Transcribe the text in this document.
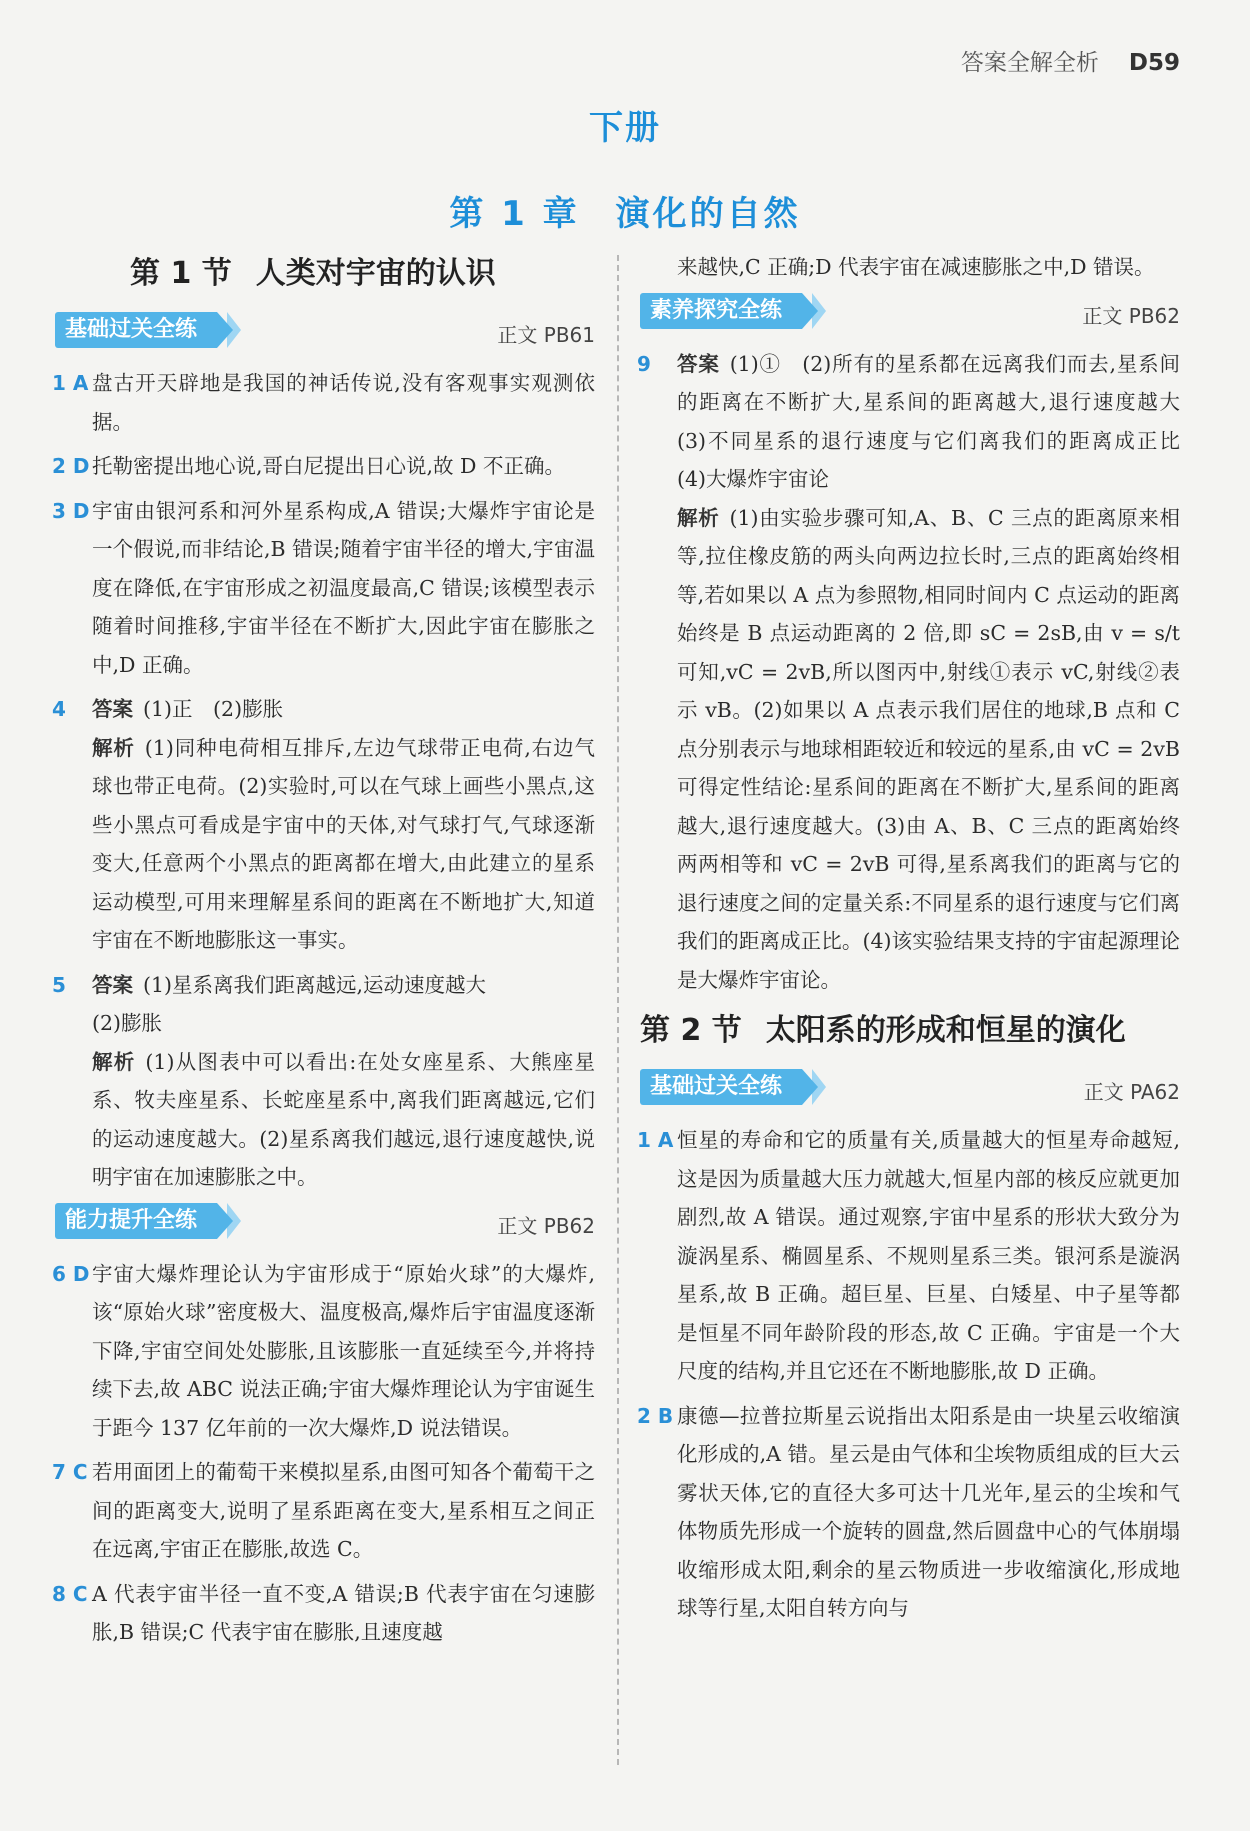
答案全解全析 D59
下册
第 1 章 演化的自然
第 1 节 人类对宇宙的认识
基础过关全练	正文 PB61
1 A 盘古开天辟地是我国的神话传说,没有客观事实观测依据。
2 D 托勒密提出地心说,哥白尼提出日心说,故 D 不正确。
3 D 宇宙由银河系和河外星系构成,A 错误;大爆炸宇宙论是一个假说,而非结论,B 错误;随着宇宙半径的增大,宇宙温度在降低,在宇宙形成之初温度最高,C 错误;该模型表示随着时间推移,宇宙半径在不断扩大,因此宇宙在膨胀之中,D 正确。
4 答案 (1)正　(2)膨胀

解析 (1)同种电荷相互排斥,左边气球带正电荷,右边气球也带正电荷。(2)实验时,可以在气球上画些小黑点,这些小黑点可看成是宇宙中的天体,对气球打气,气球逐渐变大,任意两个小黑点的距离都在增大,由此建立的星系运动模型,可用来理解星系间的距离在不断地扩大,知道宇宙在不断地膨胀这一事实。

5 答案 (1)星系离我们距离越远,运动速度越大

(2)膨胀

解析 (1)从图表中可以看出:在处女座星系、大熊座星系、牧夫座星系、长蛇座星系中,离我们距离越远,它们的运动速度越大。(2)星系离我们越远,退行速度越快,说明宇宙在加速膨胀之中。

能力提升全练	正文 PB62
6 D 宇宙大爆炸理论认为宇宙形成于“原始火球”的大爆炸,该“原始火球”密度极大、温度极高,爆炸后宇宙温度逐渐下降,宇宙空间处处膨胀,且该膨胀一直延续至今,并将持续下去,故 ABC 说法正确;宇宙大爆炸理论认为宇宙诞生于距今 137 亿年前的一次大爆炸,D 说法错误。
7 C 若用面团上的葡萄干来模拟星系,由图可知各个葡萄干之间的距离变大,说明了星系距离在变大,星系相互之间正在远离,宇宙正在膨胀,故选 C。
8 C A 代表宇宙半径一直不变,A 错误;B 代表宇宙在匀速膨胀,B 错误;C 代表宇宙在膨胀,且速度越
来越快,C 正确;D 代表宇宙在减速膨胀之中,D 错误。
素养探究全练	正文 PB62
9 答案 (1)①　(2)所有的星系都在远离我们而去,星系间的距离在不断扩大,星系间的距离越大,退行速度越大　(3)不同星系的退行速度与它们离我们的距离成正比　(4)大爆炸宇宙论

解析 (1)由实验步骤可知,A、B、C 三点的距离原来相等,拉住橡皮筋的两头向两边拉长时,三点的距离始终相等,若如果以 A 点为参照物,相同时间内 C 点运动的距离始终是 B 点运动距离的 2 倍,即 sC = 2sB,由 v = s/t 可知,vC = 2vB,所以图丙中,射线①表示 vC,射线②表示 vB。(2)如果以 A 点表示我们居住的地球,B 点和 C 点分别表示与地球相距较近和较远的星系,由 vC = 2vB 可得定性结论:星系间的距离在不断扩大,星系间的距离越大,退行速度越大。(3)由 A、B、C 三点的距离始终两两相等和 vC = 2vB 可得,星系离我们的距离与它的退行速度之间的定量关系:不同星系的退行速度与它们离我们的距离成正比。(4)该实验结果支持的宇宙起源理论是大爆炸宇宙论。

第 2 节 太阳系的形成和恒星的演化
基础过关全练	正文 PA62
1 A 恒星的寿命和它的质量有关,质量越大的恒星寿命越短,这是因为质量越大压力就越大,恒星内部的核反应就更加剧烈,故 A 错误。通过观察,宇宙中星系的形状大致分为漩涡星系、椭圆星系、不规则星系三类。银河系是漩涡星系,故 B 正确。超巨星、巨星、白矮星、中子星等都是恒星不同年龄阶段的形态,故 C 正确。宇宙是一个大尺度的结构,并且它还在不断地膨胀,故 D 正确。
2 B 康德—拉普拉斯星云说指出太阳系是由一块星云收缩演化形成的,A 错。星云是由气体和尘埃物质组成的巨大云雾状天体,它的直径大多可达十几光年,星云的尘埃和气体物质先形成一个旋转的圆盘,然后圆盘中心的气体崩塌收缩形成太阳,剩余的星云物质进一步收缩演化,形成地球等行星,太阳自转方向与
